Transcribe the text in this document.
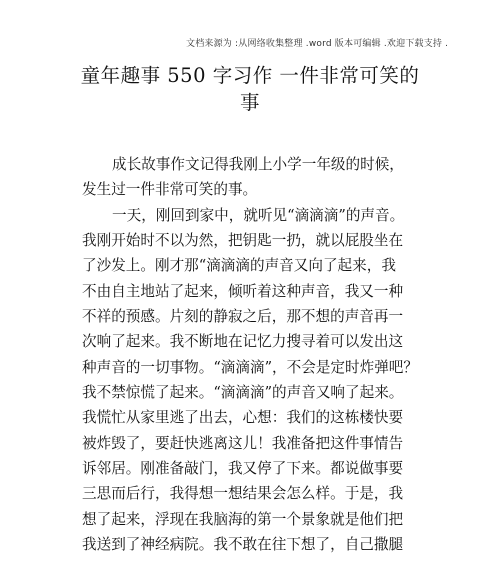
文档来源为 :从网络收集整理 .word 版本可编辑 .欢迎下载支持 .
童年趣事 550 字习作 一件非常可笑的
事
成长故事作文记得我刚上小学一年级的时候，
发生过一件非常可笑的事。
一天，刚回到家中，就听见“滴滴滴”的声音。
我刚开始时不以为然，把钥匙一扔，就以屁股坐在
了沙发上。刚才那“滴滴滴的声音又向了起来，我
不由自主地站了起来，倾听着这种声音，我又一种
不祥的预感。片刻的静寂之后，那不想的声音再一
次响了起来。我不断地在记忆力搜寻着可以发出这
种声音的一切事物。“滴滴滴”，不会是定时炸弹吧？
我不禁惊慌了起来。“滴滴滴”的声音又响了起来。
我慌忙从家里逃了出去，心想：我们的这栋楼快要
被炸毁了，要赶快逃离这儿！我准备把这件事情告
诉邻居。刚准备敲门，我又停了下来。都说做事要
三思而后行，我得想一想结果会怎么样。于是，我
想了起来，浮现在我脑海的第一个景象就是他们把
我送到了神经病院。我不敢在往下想了，自己撒腿
